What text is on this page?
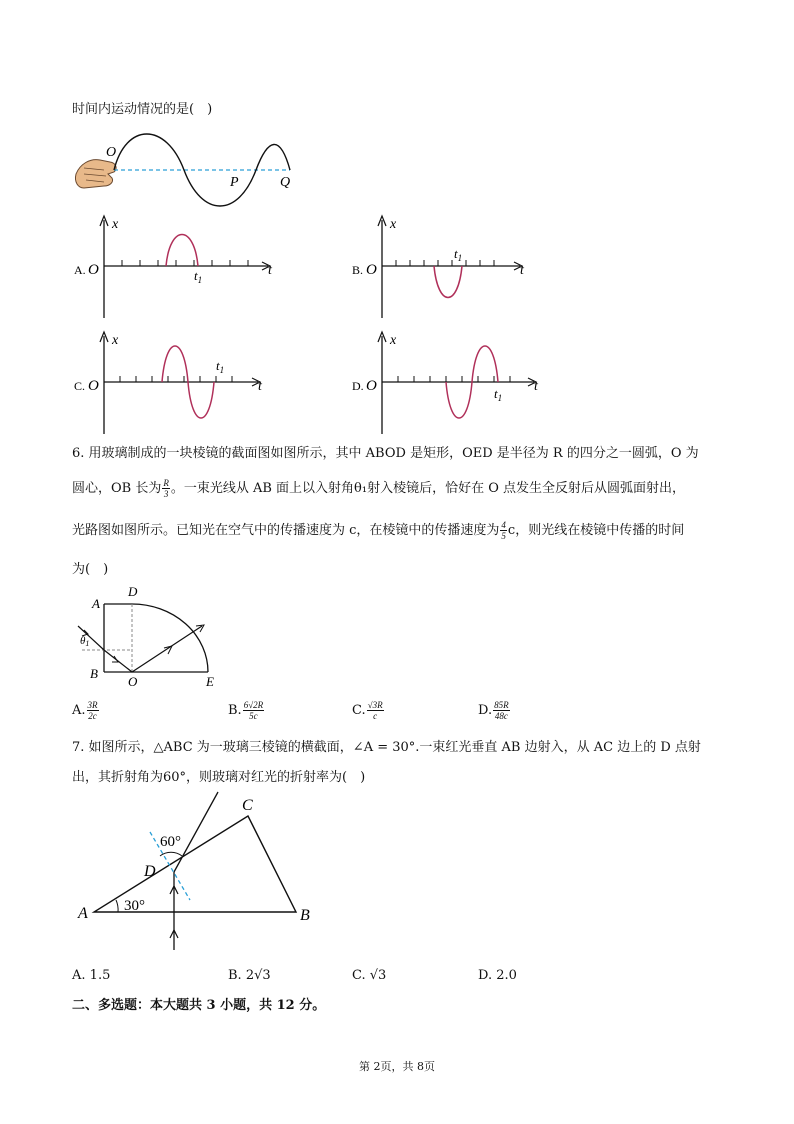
时间内运动情况的是(　)
O
P	Q
A. O
x
t
$t_1$
B. O
x
t
$t_1$
C. O
x
t
$t_1$
D. O
x
t
$t_1$
6. 用玻璃制成的一块棱镜的截面图如图所示，其中 ABOD 是矩形，OED 是半径为 R 的四分之一圆弧，O 为
圆心，OB 长为 $\frac{R}{3}$ 。一束光线从 AB 面上以入射角θ₁射入棱镜后，恰好在 O 点发生全反射后从圆弧面射出，
光路图如图所示。已知光在空气中的传播速度为 c，在棱镜中的传播速度为 $\frac{4}{5}$ c，则光线在棱镜中传播的时间
为(　)
A
D
B
O	E
θ1
A. $\frac{3R}{2c}$	B. $\frac{6√2R}{5c}$	C. $\frac{√3R}{c}$	D. $\frac{85R}{48c}$
7. 如图所示，△ABC 为一玻璃三棱镜的横截面，∠A = 30°.一束红光垂直 AB 边射入，从 AC 边上的 D 点射
出，其折射角为60°，则玻璃对红光的折射率为(　)
A	B
C
D
60°
30°
A. 1.5	B. 2√3	C. √3	D. 2.0
二、多选题：本大题共 3 小题，共 12 分。
第 2页，共 8页
